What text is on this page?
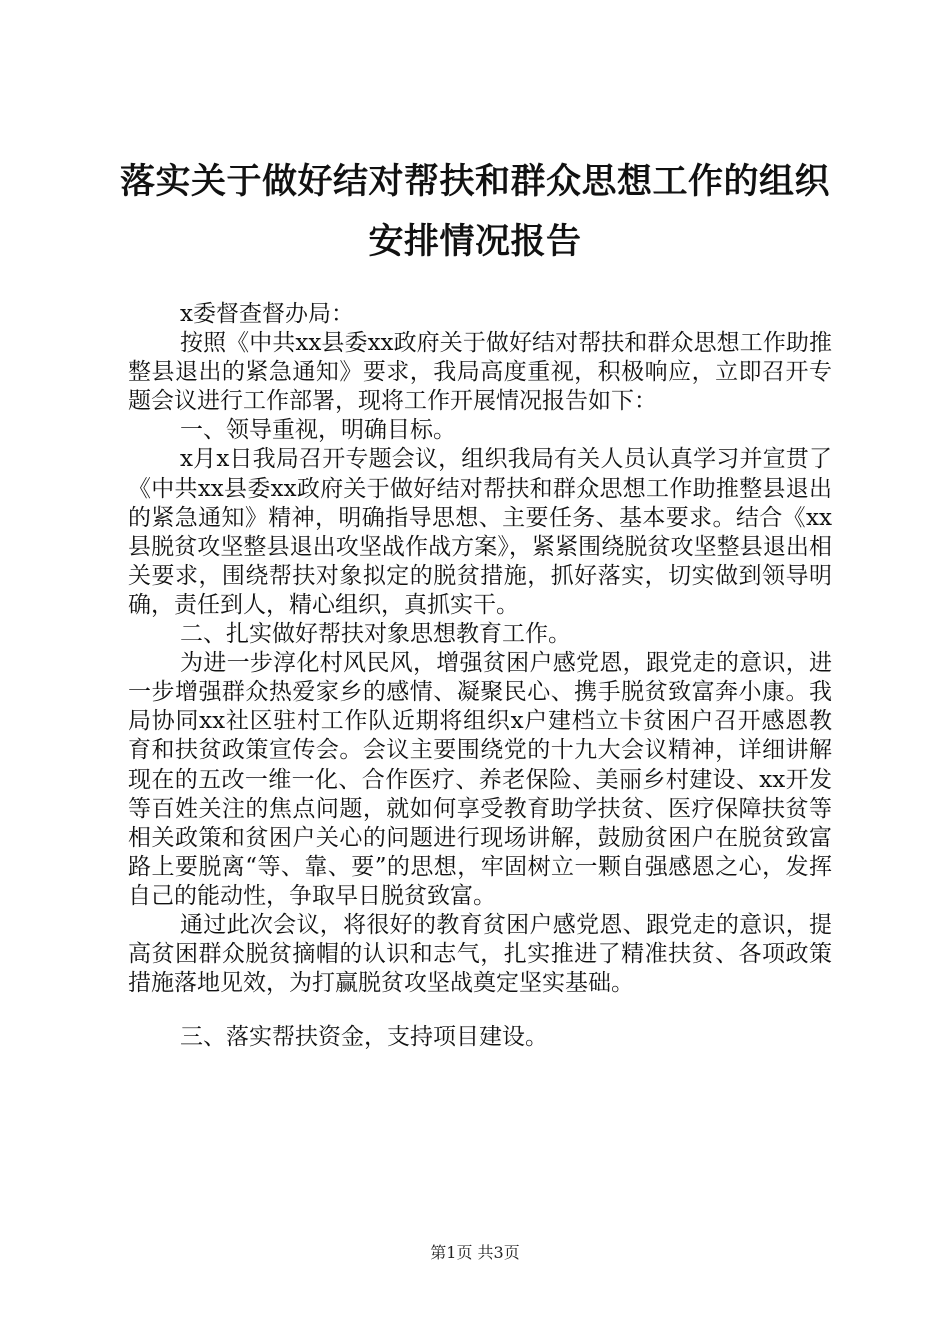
落实关于做好结对帮扶和群众思想工作的组织
安排情况报告

x委督查督办局：

按照《中共xx县委xx政府关于做好结对帮扶和群众思想工作助推整县退出的紧急通知》要求，我局高度重视，积极响应，立即召开专题会议进行工作部署，现将工作开展情况报告如下：

一、领导重视，明确目标。

x月x日我局召开专题会议，组织我局有关人员认真学习并宣贯了《中共xx县委xx政府关于做好结对帮扶和群众思想工作助推整县退出的紧急通知》精神，明确指导思想、主要任务、基本要求。结合《xx县脱贫攻坚整县退出攻坚战作战方案》，紧紧围绕脱贫攻坚整县退出相关要求，围绕帮扶对象拟定的脱贫措施，抓好落实，切实做到领导明确，责任到人，精心组织，真抓实干。

二、扎实做好帮扶对象思想教育工作。

为进一步淳化村风民风，增强贫困户感党恩，跟党走的意识，进一步增强群众热爱家乡的感情、凝聚民心、携手脱贫致富奔小康。我局协同xx社区驻村工作队近期将组织x户建档立卡贫困户召开感恩教育和扶贫政策宣传会。会议主要围绕党的十九大会议精神，详细讲解现在的五改一维一化、合作医疗、养老保险、美丽乡村建设、xx开发等百姓关注的焦点问题，就如何享受教育助学扶贫、医疗保障扶贫等相关政策和贫困户关心的问题进行现场讲解，鼓励贫困户在脱贫致富路上要脱离“等、靠、要”的思想，牢固树立一颗自强感恩之心，发挥自己的能动性，争取早日脱贫致富。

通过此次会议，将很好的教育贫困户感党恩、跟党走的意识，提高贫困群众脱贫摘帽的认识和志气，扎实推进了精准扶贫、各项政策措施落地见效，为打赢脱贫攻坚战奠定坚实基础。

三、落实帮扶资金，支持项目建设。

第1页 共3页
